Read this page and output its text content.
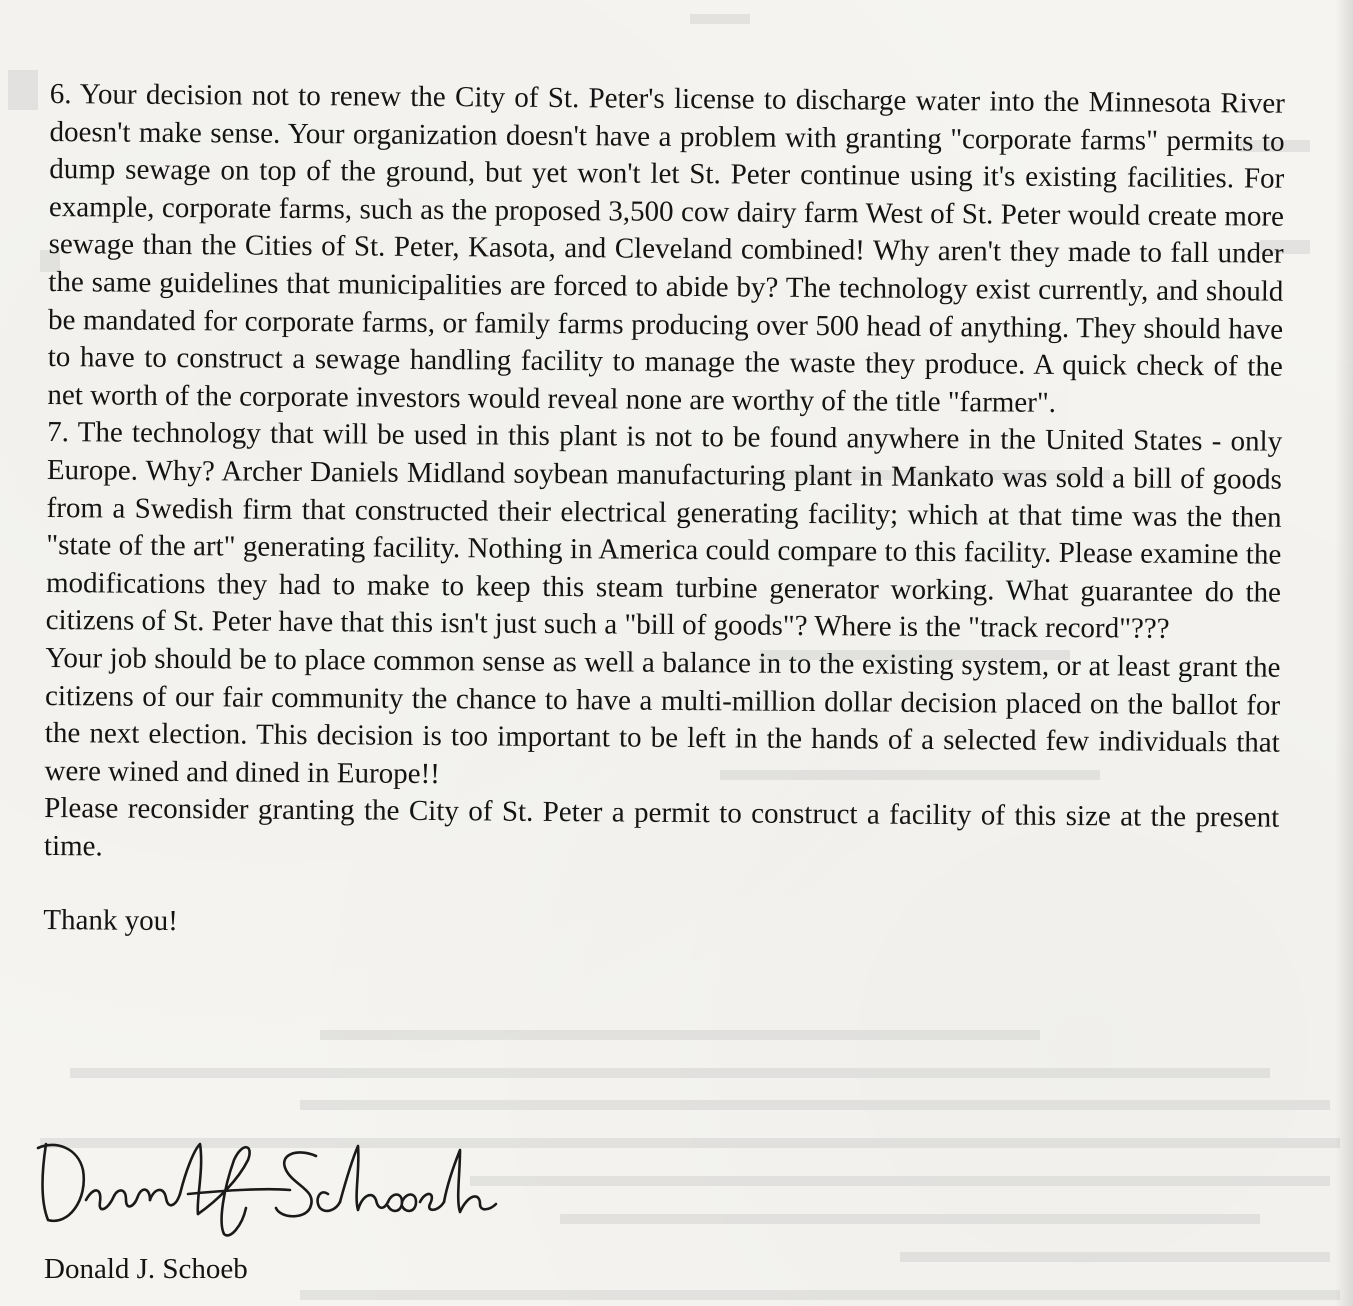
6. Your decision not to renew the City of St. Peter's license to discharge water into the Minnesota River doesn't make sense. Your organization doesn't have a problem with granting "corporate farms" permits to dump sewage on top of the ground, but yet won't let St. Peter continue using it's existing facilities. For example, corporate farms, such as the proposed 3,500 cow dairy farm West of St. Peter would create more sewage than the Cities of St. Peter, Kasota, and Cleveland combined! Why aren't they made to fall under the same guidelines that municipalities are forced to abide by? The technology exist currently, and should be mandated for corporate farms, or family farms producing over 500 head of anything. They should have to have to construct a sewage handling facility to manage the waste they produce. A quick check of the net worth of the corporate investors would reveal none are worthy of the title "farmer".

7. The technology that will be used in this plant is not to be found anywhere in the United States - only Europe. Why? Archer Daniels Midland soybean manufacturing plant in Mankato was sold a bill of goods from a Swedish firm that constructed their electrical generating facility; which at that time was the then "state of the art" generating facility. Nothing in America could compare to this facility. Please examine the modifications they had to make to keep this steam turbine generator working. What guarantee do the citizens of St. Peter have that this isn't just such a "bill of goods"? Where is the "track record"???

Your job should be to place common sense as well a balance in to the existing system, or at least grant the citizens of our fair community the chance to have a multi-million dollar decision placed on the ballot for the next election. This decision is too important to be left in the hands of a selected few individuals that were wined and dined in Europe!!

Please reconsider granting the City of St. Peter a permit to construct a facility of this size at the present time.

Thank you!

Donald J. Schoeb
